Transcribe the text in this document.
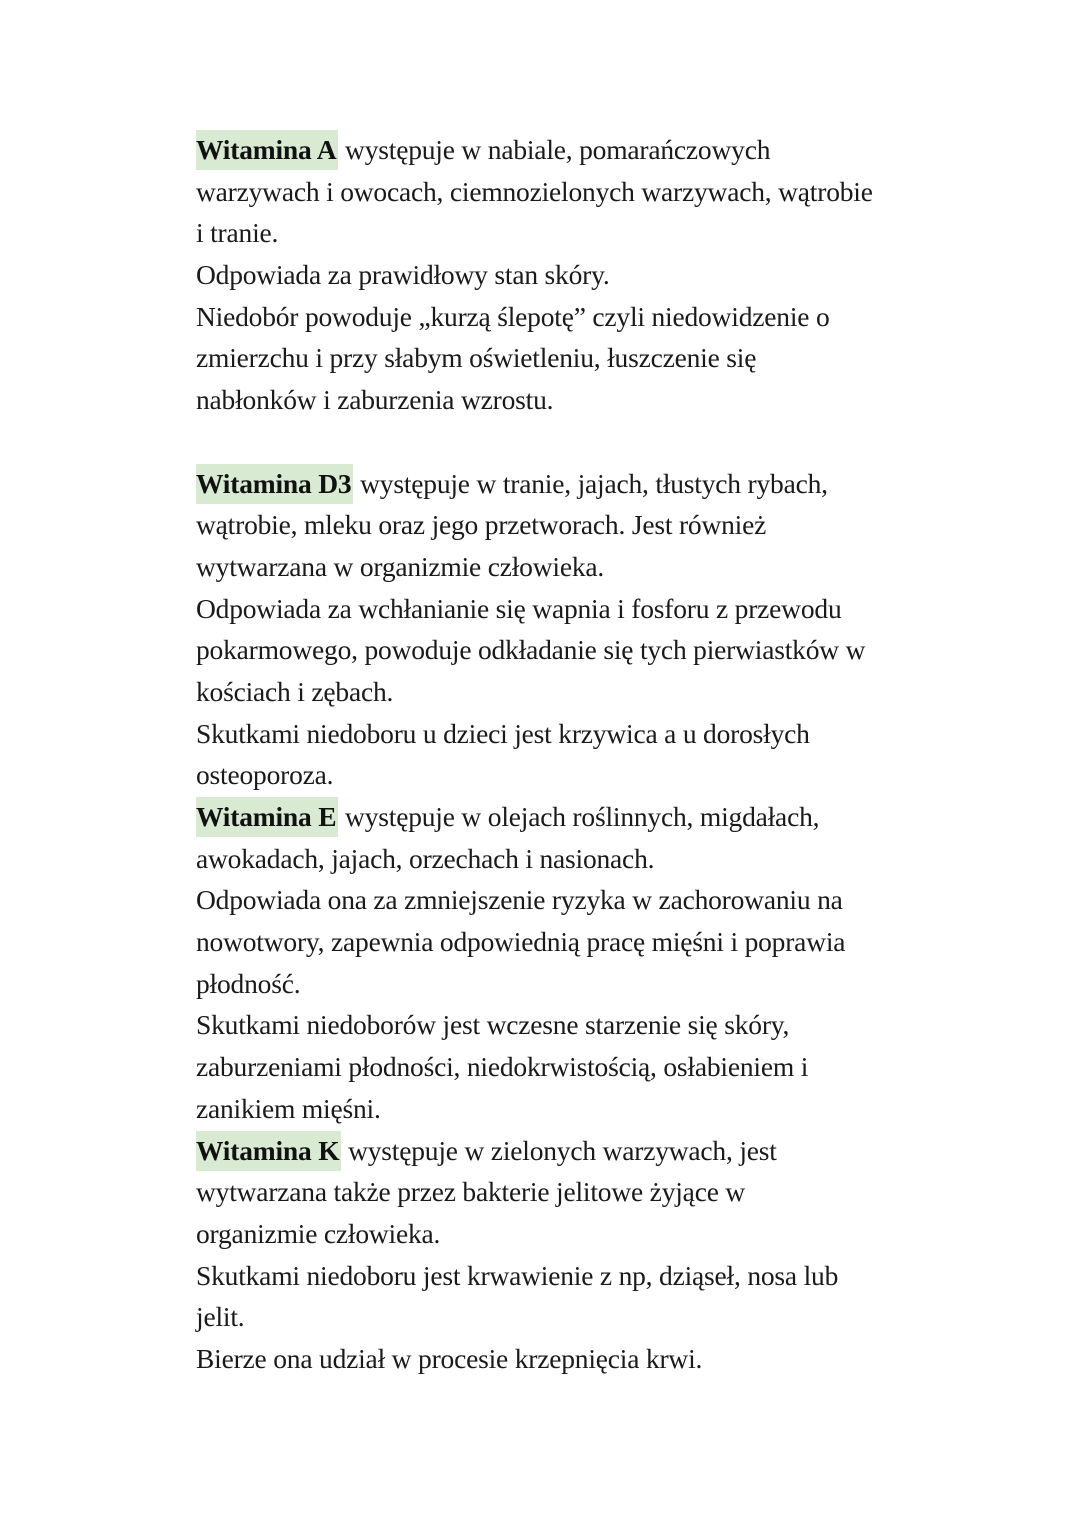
Witamina A występuje w nabiale, pomarańczowych
warzywach i owocach, ciemnozielonych warzywach, wątrobie
i tranie.
Odpowiada za prawidłowy stan skóry.
Niedobór powoduje „kurzą ślepotę” czyli niedowidzenie o
zmierzchu i przy słabym oświetleniu, łuszczenie się
nabłonków i zaburzenia wzrostu.
Witamina D3 występuje w tranie, jajach, tłustych rybach,
wątrobie, mleku oraz jego przetworach. Jest również
wytwarzana w organizmie człowieka.
Odpowiada za wchłanianie się wapnia i fosforu z przewodu
pokarmowego, powoduje odkładanie się tych pierwiastków w
kościach i zębach.
Skutkami niedoboru u dzieci jest krzywica a u dorosłych
osteoporoza.
Witamina E występuje w olejach roślinnych, migdałach,
awokadach, jajach, orzechach i nasionach.
Odpowiada ona za zmniejszenie ryzyka w zachorowaniu na
nowotwory, zapewnia odpowiednią pracę mięśni i poprawia
płodność.
Skutkami niedoborów jest wczesne starzenie się skóry,
zaburzeniami płodności, niedokrwistością, osłabieniem i
zanikiem mięśni.
Witamina K występuje w zielonych warzywach, jest
wytwarzana także przez bakterie jelitowe żyjące w
organizmie człowieka.
Skutkami niedoboru jest krwawienie z np, dziąseł, nosa lub
jelit.
Bierze ona udział w procesie krzepnięcia krwi.
